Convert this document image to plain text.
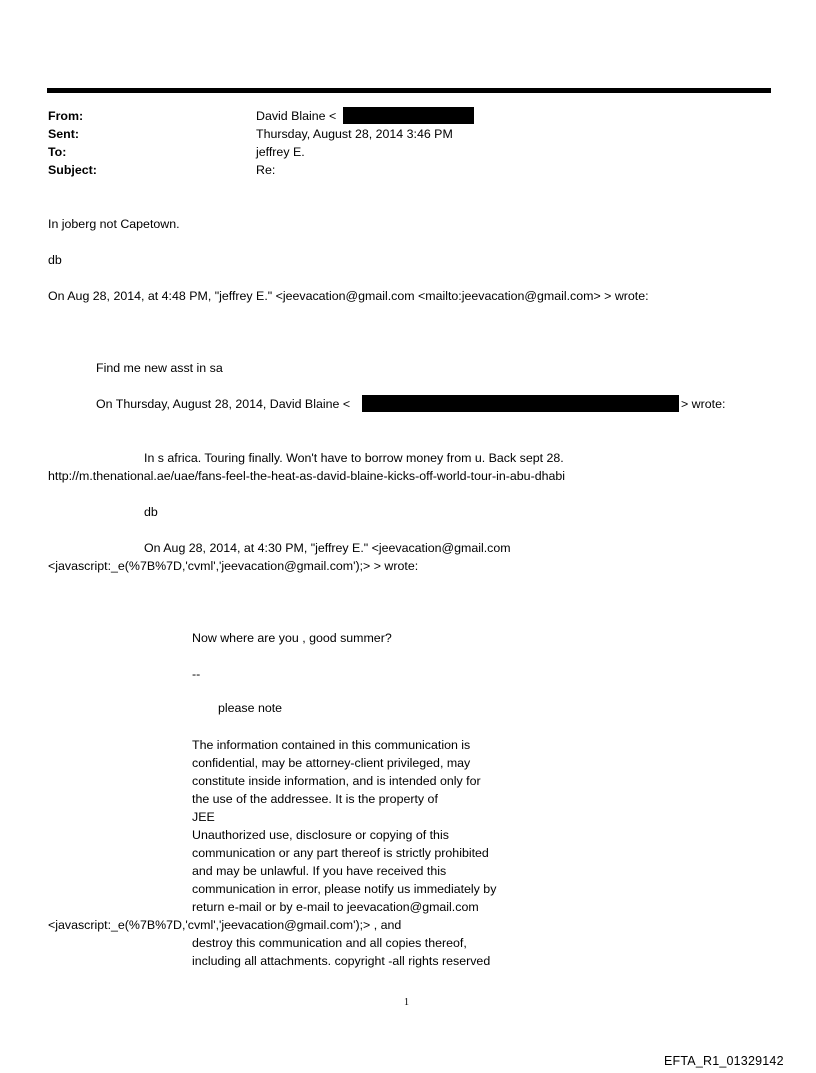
From:	David Blaine <
Sent:	Thursday, August 28, 2014 3:46 PM
To:	jeffrey E.
Subject:	Re:
In joberg not Capetown.
db
On Aug 28, 2014, at 4:48 PM, "jeffrey E." <jeevacation@gmail.com <mailto:jeevacation@gmail.com> > wrote:
Find me new asst in sa
On Thursday, August 28, 2014, David Blaine <	> wrote:
In s africa. Touring finally. Won't have to borrow money from u. Back sept 28.
http://m.thenational.ae/uae/fans-feel-the-heat-as-david-blaine-kicks-off-world-tour-in-abu-dhabi
db
On Aug 28, 2014, at 4:30 PM, "jeffrey E." <jeevacation@gmail.com
<javascript:_e(%7B%7D,'cvml','jeevacation@gmail.com');> > wrote:
Now where are you , good summer?
--
please note
The information contained in this communication is
confidential, may be attorney-client privileged, may
constitute inside information, and is intended only for
the use of the addressee. It is the property of
JEE
Unauthorized use, disclosure or copying of this
communication or any part thereof is strictly prohibited
and may be unlawful. If you have received this
communication in error, please notify us immediately by
return e-mail or by e-mail to jeevacation@gmail.com
<javascript:_e(%7B%7D,'cvml','jeevacation@gmail.com');> , and
destroy this communication and all copies thereof,
including all attachments. copyright -all rights reserved
1
EFTA_R1_01329142
